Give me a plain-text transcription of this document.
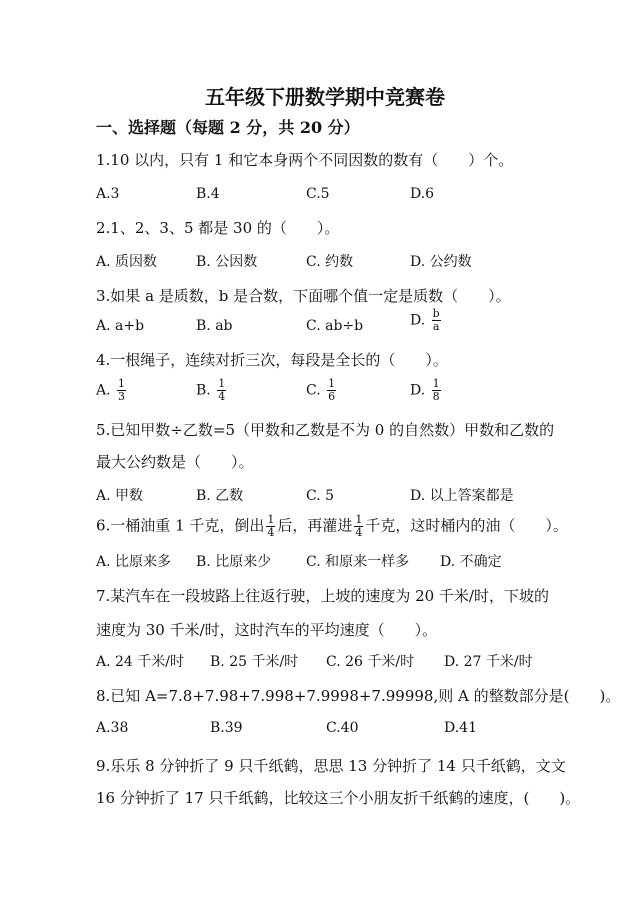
五年级下册数学期中竞赛卷
一、选择题（每题 2 分，共 20 分）
1.10 以内，只有 1 和它本身两个不同因数的数有（　　）个。
A.3	B.4	C.5	D.6
2.1、2、3、5 都是 30 的（　　）。
A. 质因数	B. 公因数	C. 约数	D. 公约数
3.如果 a 是质数，b 是合数，下面哪个值一定是质数（　　）。
A. a+b	B. ab	C. ab÷b	D. $\frac{b}{a}$
4.一根绳子，连续对折三次，每段是全长的（　　）。
A. $\frac{1}{3}$	B. $\frac{1}{4}$	C. $\frac{1}{6}$	D. $\frac{1}{8}$
5.已知甲数÷乙数=5（甲数和乙数是不为 0 的自然数）甲数和乙数的
最大公约数是（　　）。
A. 甲数	B. 乙数	C. 5	D. 以上答案都是
6.一桶油重 1 千克，倒出 $\frac{1}{4}$ 后，再灌进 $\frac{1}{4}$ 千克，这时桶内的油（　　）。
A. 比原来多 B. 比原来少 C. 和原来一样多 D. 不确定
7.某汽车在一段坡路上往返行驶，上坡的速度为 20 千米/时，下坡的
速度为 30 千米/时，这时汽车的平均速度（　　）。
A. 24 千米/时 B. 25 千米/时 C. 26 千米/时 D. 27 千米/时
8.已知 A=7.8+7.98+7.998+7.9998+7.99998,则 A 的整数部分是(　　)。
A.38	B.39	C.40	D.41
9.乐乐 8 分钟折了 9 只千纸鹤，思思 13 分钟折了 14 只千纸鹤，文文
16 分钟折了 17 只千纸鹤，比较这三个小朋友折千纸鹤的速度，(　　)。
